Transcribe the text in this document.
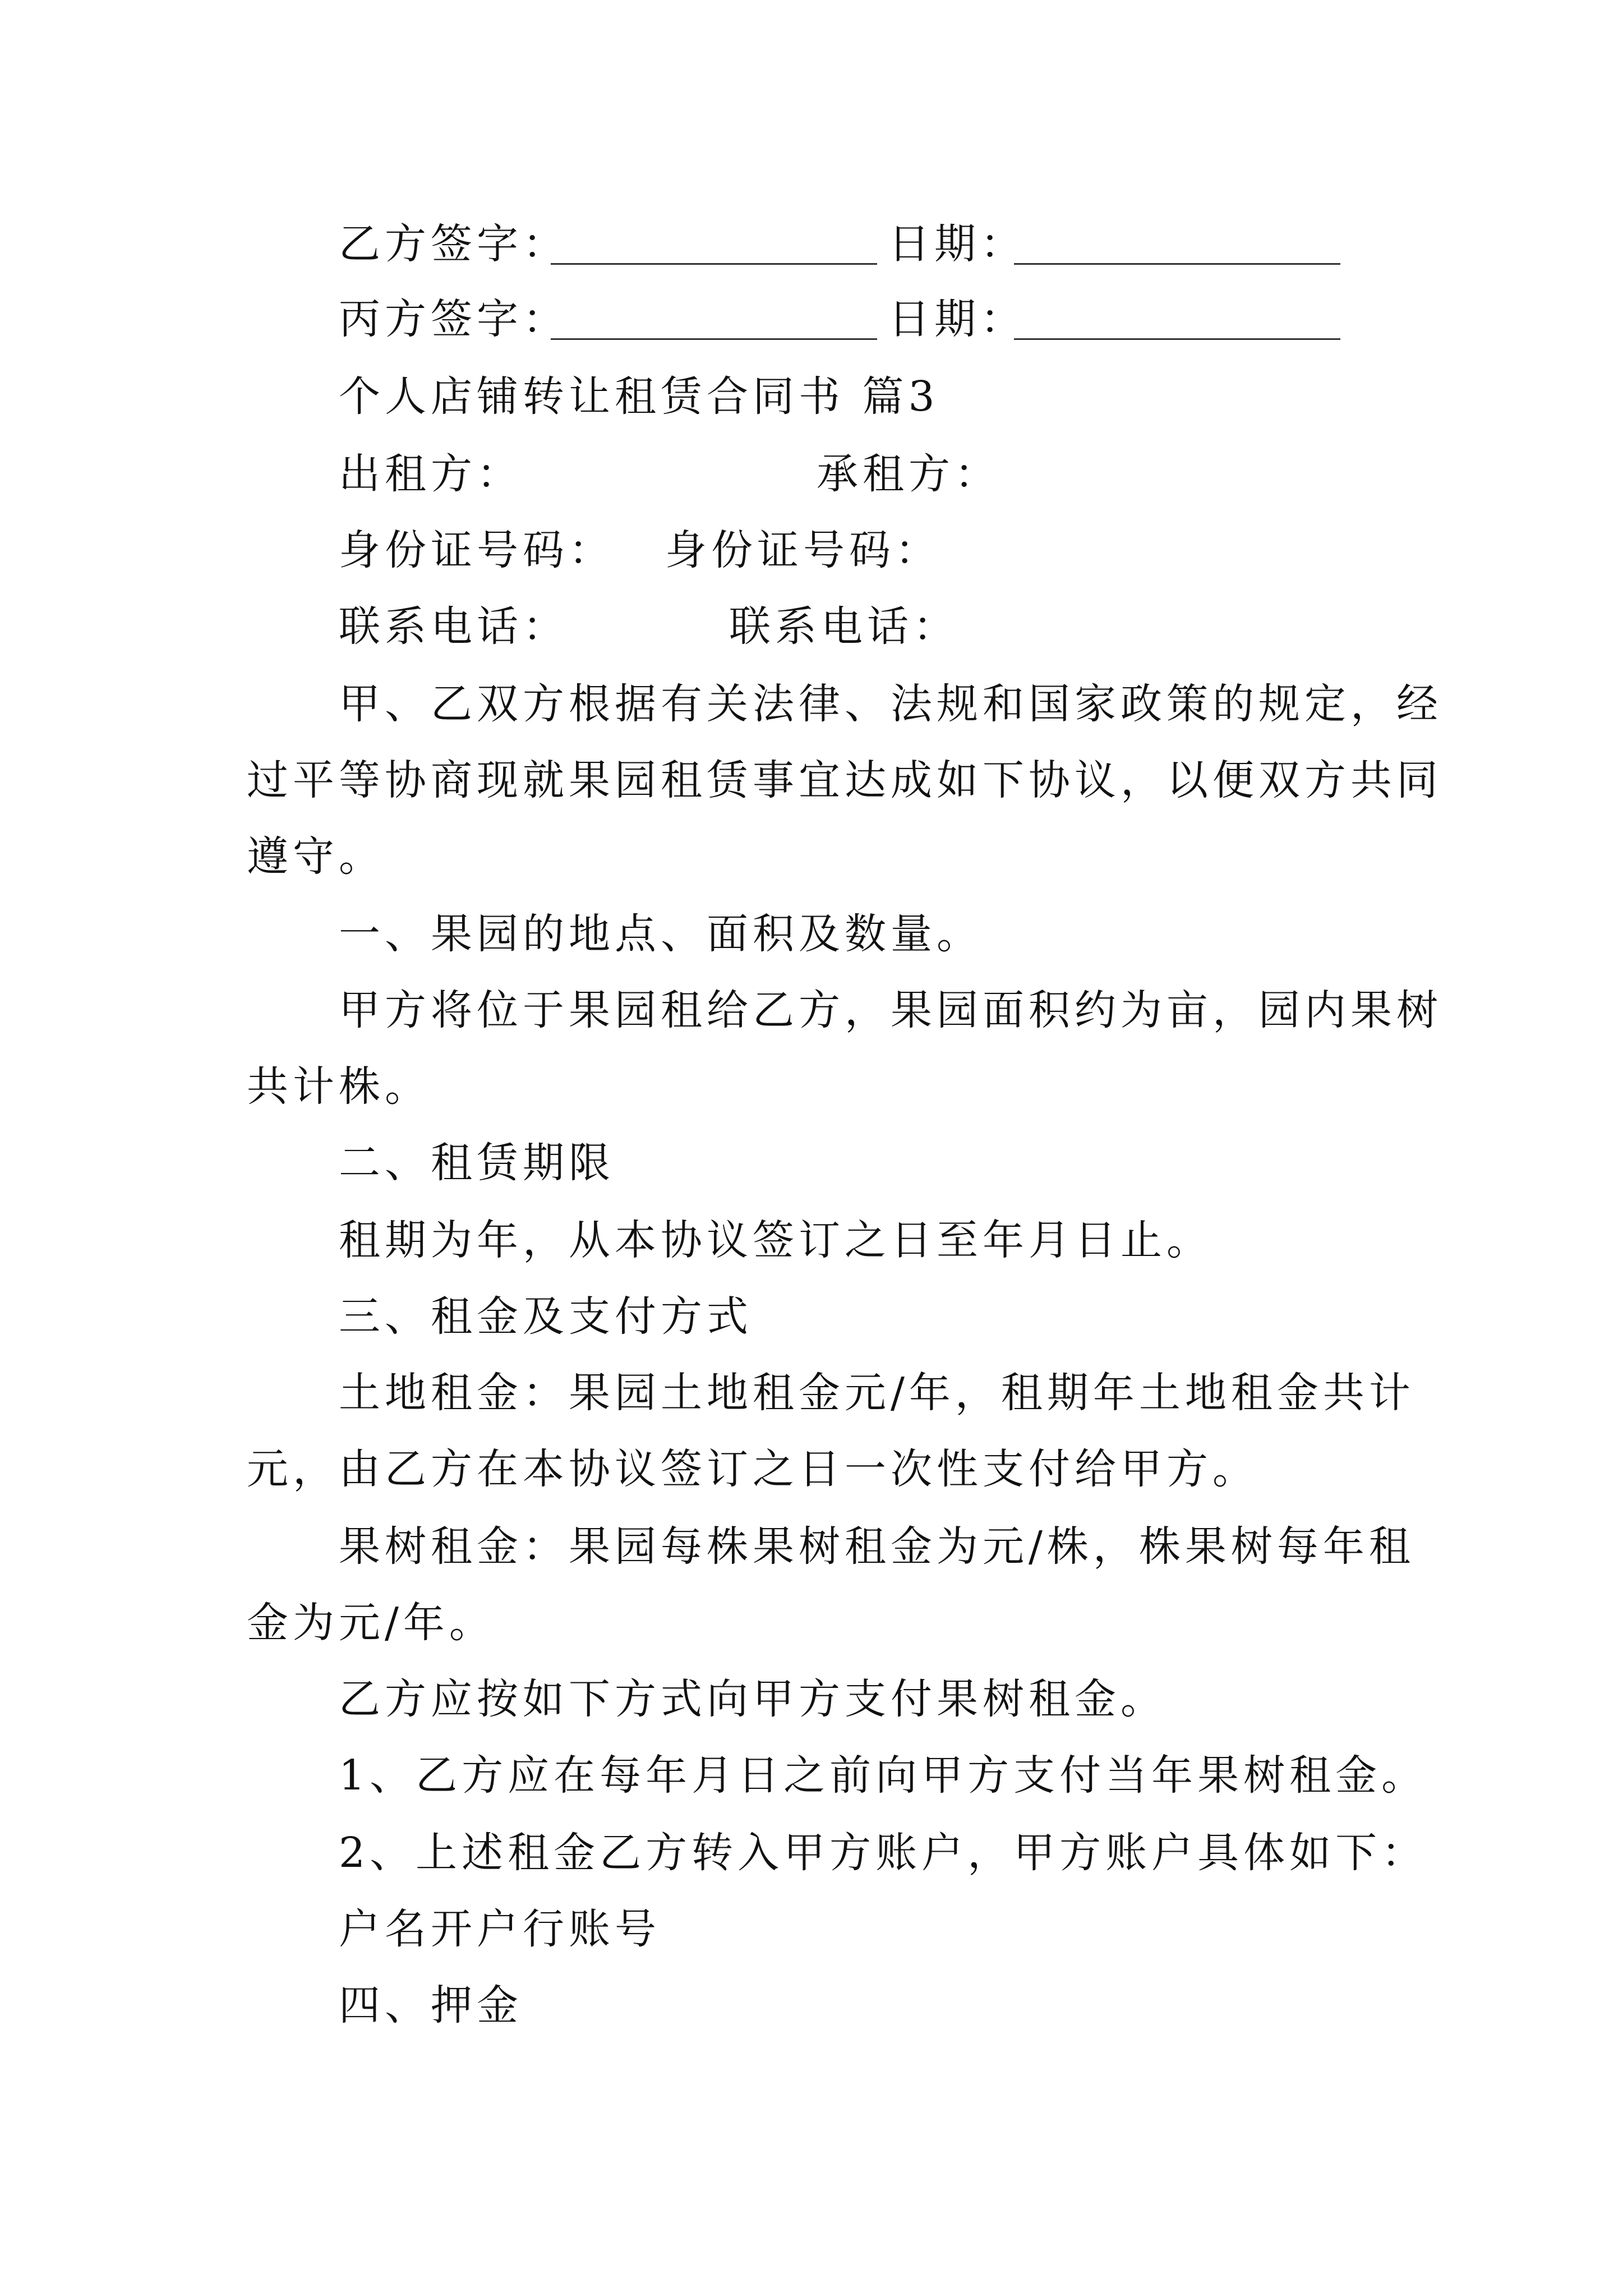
乙方签字：	日期：
丙方签字：	日期：
个人店铺转让租赁合同书 篇3
出租方：	承租方：
身份证号码： 身份证号码：
联系电话：	联系电话：
甲、乙双方根据有关法律、法规和国家政策的规定，经
过平等协商现就果园租赁事宜达成如下协议，以便双方共同
遵守。
一、果园的地点、面积及数量。
甲方将位于果园租给乙方，果园面积约为亩，园内果树
共计株。
二、租赁期限
租期为年，从本协议签订之日至年月日止。
三、租金及支付方式
土地租金：果园土地租金元/年，租期年土地租金共计
元，由乙方在本协议签订之日一次性支付给甲方。
果树租金：果园每株果树租金为元/株，株果树每年租
金为元/年。
乙方应按如下方式向甲方支付果树租金。
1、乙方应在每年月日之前向甲方支付当年果树租金。
2、上述租金乙方转入甲方账户，甲方账户具体如下：
户名开户行账号
四、押金
